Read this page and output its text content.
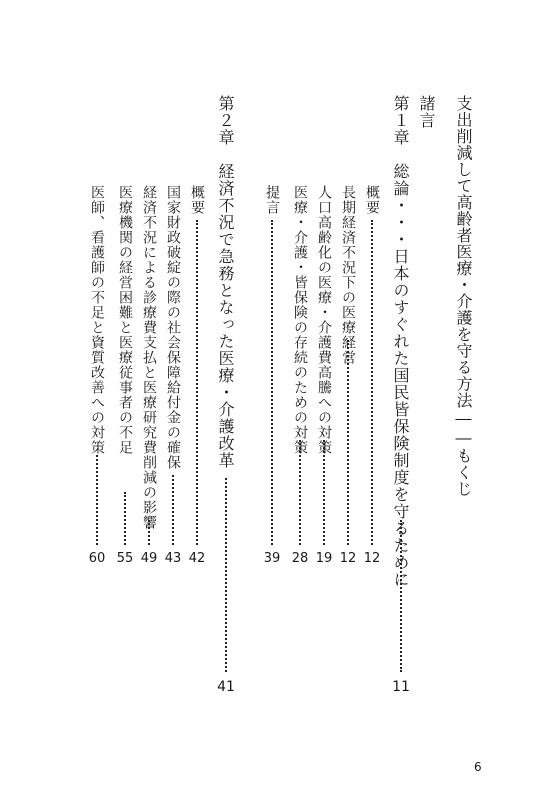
支出削減して高齢者医療・介護を守る方法――もくじ
諸言
第１章　総論・・・日本のすぐれた国民皆保険制度を守るために
11
概要
12
長期経済不況下の医療経営
12
人口高齢化の医療・介護費高騰への対策
19
医療・介護・皆保険の存続のための対策
28
提言
39
第２章　経済不況で急務となった医療・介護改革
41
概要
42
国家財政破綻の際の社会保障給付金の確保
43
経済不況による診療費支払と医療研究費削減の影響
49
医療機関の経営困難と医療従事者の不足
55
医師、看護師の不足と資質改善への対策
60
6
